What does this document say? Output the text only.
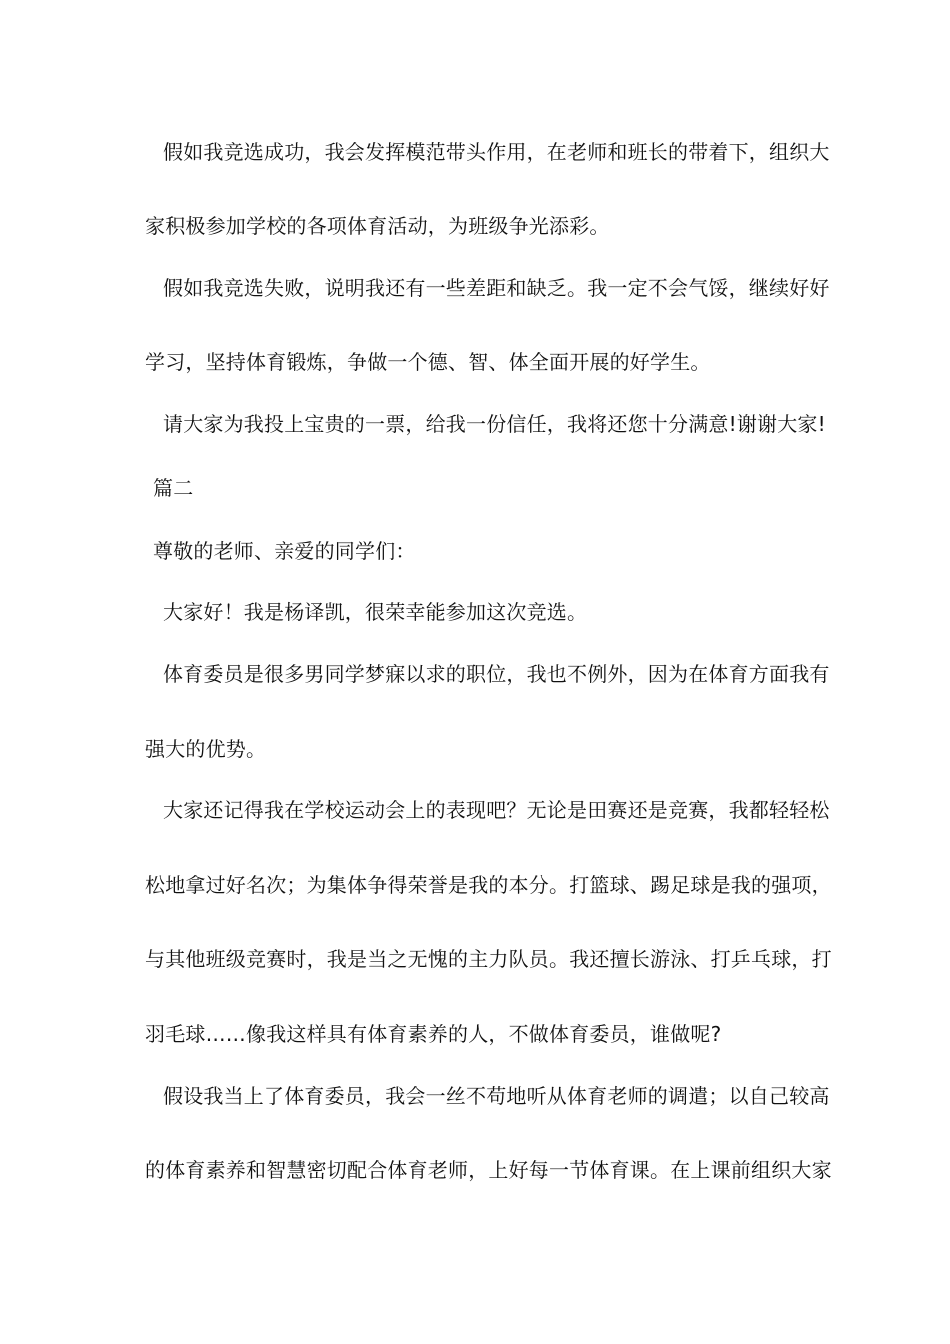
假如我竞选成功，我会发挥模范带头作用，在老师和班长的带着下，组织大
家积极参加学校的各项体育活动，为班级争光添彩。
假如我竞选失败，说明我还有一些差距和缺乏。我一定不会气馁，继续好好
学习，坚持体育锻炼，争做一个德、智、体全面开展的好学生。
请大家为我投上宝贵的一票，给我一份信任，我将还您十分满意!谢谢大家!
篇二
尊敬的老师、亲爱的同学们：
大家好！我是杨译凯，很荣幸能参加这次竞选。
体育委员是很多男同学梦寐以求的职位，我也不例外，因为在体育方面我有
强大的优势。
大家还记得我在学校运动会上的表现吧？无论是田赛还是竞赛，我都轻轻松
松地拿过好名次；为集体争得荣誉是我的本分。打篮球、踢足球是我的强项，
与其他班级竞赛时，我是当之无愧的主力队员。我还擅长游泳、打乒乓球，打
羽毛球……像我这样具有体育素养的人，不做体育委员，谁做呢?
假设我当上了体育委员，我会一丝不苟地听从体育老师的调遣；以自己较高
的体育素养和智慧密切配合体育老师，上好每一节体育课。在上课前组织大家
